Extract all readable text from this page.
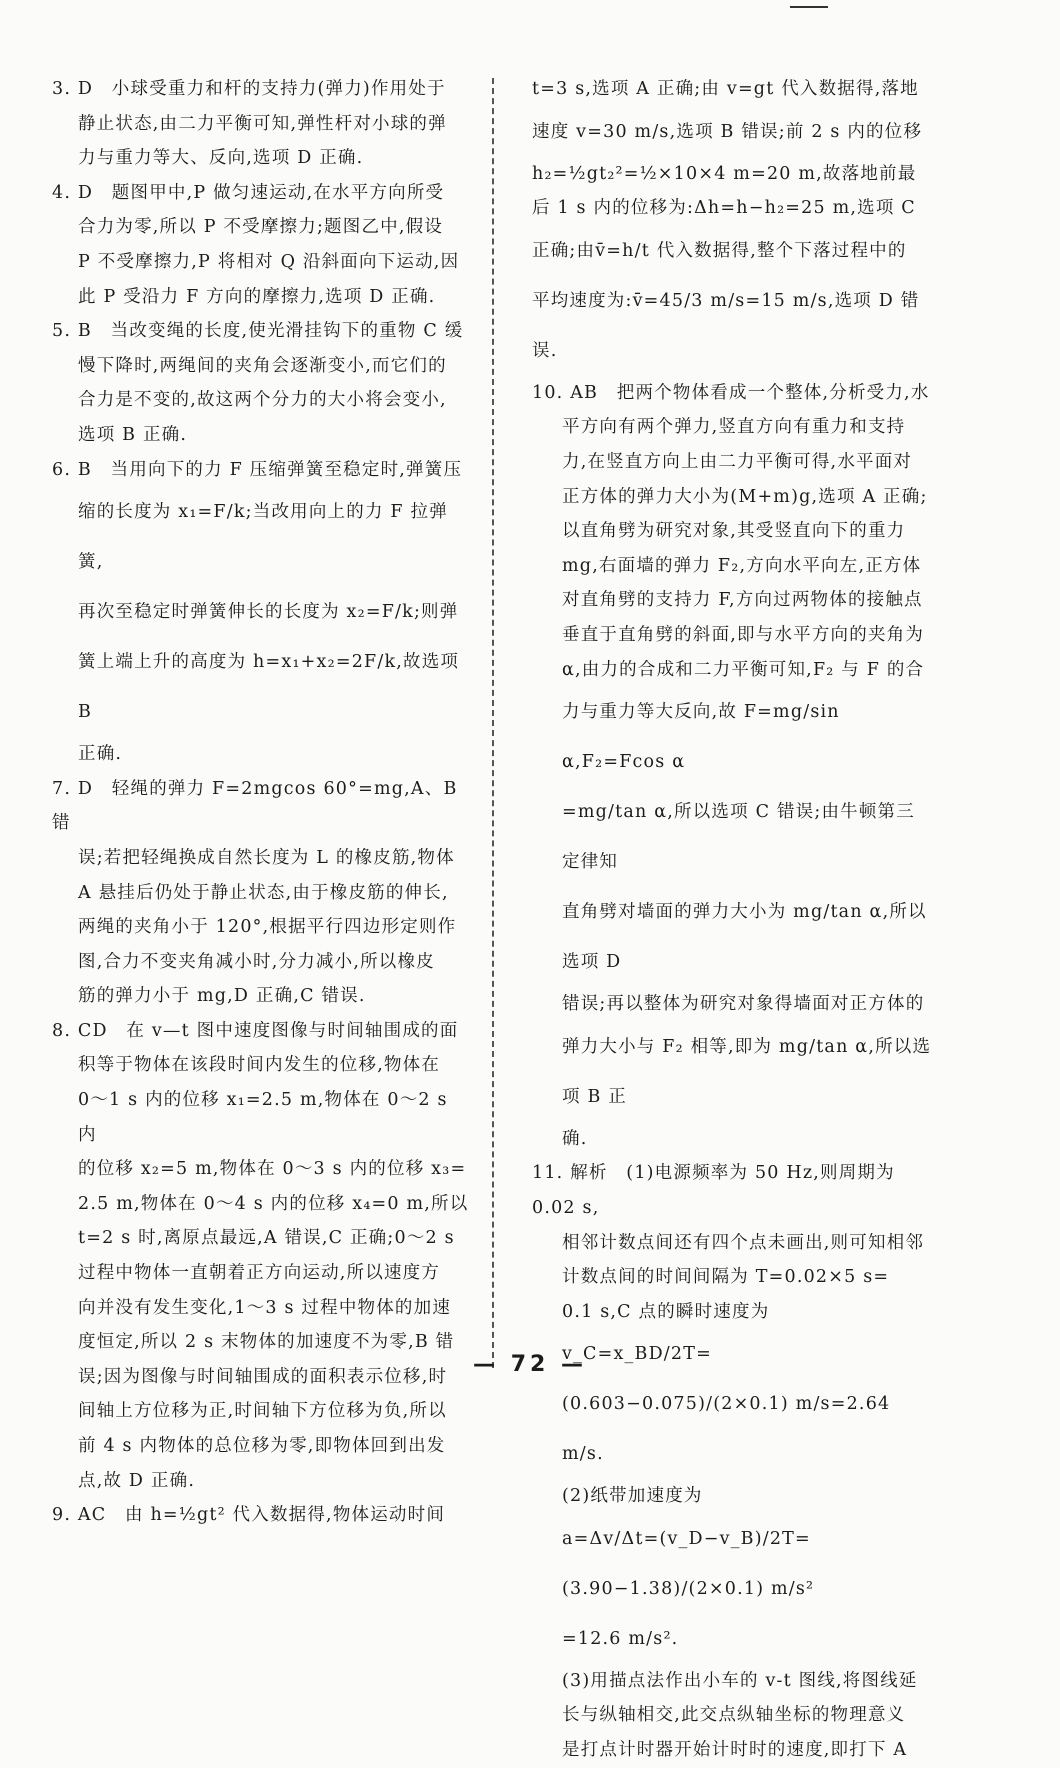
3. D　小球受重力和杆的支持力(弹力)作用处于

静止状态,由二力平衡可知,弹性杆对小球的弹

力与重力等大、反向,选项 D 正确.

4. D　题图甲中,P 做匀速运动,在水平方向所受

合力为零,所以 P 不受摩擦力;题图乙中,假设

P 不受摩擦力,P 将相对 Q 沿斜面向下运动,因

此 P 受沿力 F 方向的摩擦力,选项 D 正确.

5. B　当改变绳的长度,使光滑挂钩下的重物 C 缓

慢下降时,两绳间的夹角会逐渐变小,而它们的

合力是不变的,故这两个分力的大小将会变小,

选项 B 正确.

6. B　当用向下的力 F 压缩弹簧至稳定时,弹簧压

缩的长度为 x₁=F/k;当改用向上的力 F 拉弹簧,

再次至稳定时弹簧伸长的长度为 x₂=F/k;则弹

簧上端上升的高度为 h=x₁+x₂=2F/k,故选项 B

正确.

7. D　轻绳的弹力 F=2mgcos 60°=mg,A、B 错

误;若把轻绳换成自然长度为 L 的橡皮筋,物体

A 悬挂后仍处于静止状态,由于橡皮筋的伸长,

两绳的夹角小于 120°,根据平行四边形定则作

图,合力不变夹角减小时,分力减小,所以橡皮

筋的弹力小于 mg,D 正确,C 错误.

8. CD　在 v—t 图中速度图像与时间轴围成的面

积等于物体在该段时间内发生的位移,物体在

0～1 s 内的位移 x₁=2.5 m,物体在 0～2 s 内

的位移 x₂=5 m,物体在 0～3 s 内的位移 x₃=

2.5 m,物体在 0～4 s 内的位移 x₄=0 m,所以

t=2 s 时,离原点最远,A 错误,C 正确;0～2 s

过程中物体一直朝着正方向运动,所以速度方

向并没有发生变化,1～3 s 过程中物体的加速

度恒定,所以 2 s 末物体的加速度不为零,B 错

误;因为图像与时间轴围成的面积表示位移,时

间轴上方位移为正,时间轴下方位移为负,所以

前 4 s 内物体的总位移为零,即物体回到出发

点,故 D 正确.

9. AC　由 h=½gt² 代入数据得,物体运动时间

t=3 s,选项 A 正确;由 v=gt 代入数据得,落地

速度 v=30 m/s,选项 B 错误;前 2 s 内的位移

h₂=½gt₂²=½×10×4 m=20 m,故落地前最

后 1 s 内的位移为:Δh=h−h₂=25 m,选项 C

正确;由v̄=h/t 代入数据得,整个下落过程中的

平均速度为:v̄=45/3 m/s=15 m/s,选项 D 错误.

10. AB　把两个物体看成一个整体,分析受力,水

平方向有两个弹力,竖直方向有重力和支持

力,在竖直方向上由二力平衡可得,水平面对

正方体的弹力大小为(M+m)g,选项 A 正确;

以直角劈为研究对象,其受竖直向下的重力

mg,右面墙的弹力 F₂,方向水平向左,正方体

对直角劈的支持力 F,方向过两物体的接触点

垂直于直角劈的斜面,即与水平方向的夹角为

α,由力的合成和二力平衡可知,F₂ 与 F 的合

力与重力等大反向,故 F=mg/sin α,F₂=Fcos α

=mg/tan α,所以选项 C 错误;由牛顿第三定律知

直角劈对墙面的弹力大小为 mg/tan α,所以选项 D

错误;再以整体为研究对象得墙面对正方体的

弹力大小与 F₂ 相等,即为 mg/tan α,所以选项 B 正

确.

11. 解析　(1)电源频率为 50 Hz,则周期为 0.02 s,

相邻计数点间还有四个点未画出,则可知相邻

计数点间的时间间隔为 T=0.02×5 s=

0.1 s,C 点的瞬时速度为

v_C=x_BD/2T=(0.603−0.075)/(2×0.1) m/s=2.64 m/s.

(2)纸带加速度为

a=Δv/Δt=(v_D−v_B)/2T=(3.90−1.38)/(2×0.1) m/s²

=12.6 m/s².

(3)用描点法作出小车的 v-t 图线,将图线延

长与纵轴相交,此交点纵轴坐标的物理意义

是打点计时器开始计时时的速度,即打下 A

— 72 —
